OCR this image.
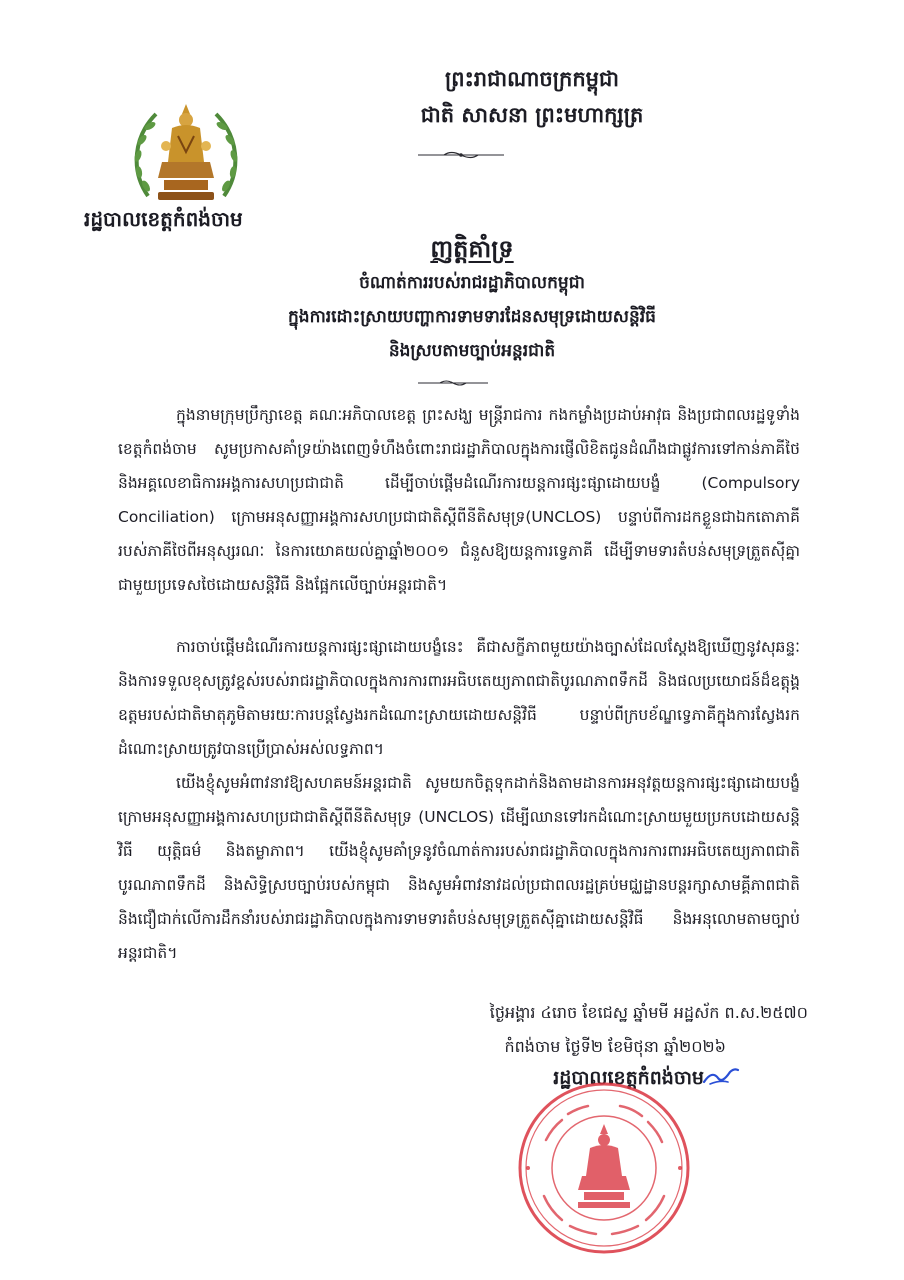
ព្រះរាជាណាចក្រកម្ពុជា
ជាតិ សាសនា ព្រះមហាក្សត្រ
រដ្ឋបាលខេត្តកំពង់ចាម
ញត្តិគាំទ្រ
ចំណាត់ការរបស់រាជរដ្ឋាភិបាលកម្ពុជា
ក្នុងការដោះស្រាយបញ្ហាការទាមទារដែនសមុទ្រដោយសន្តិវិធី
និងស្របតាមច្បាប់អន្តរជាតិ

ក្នុងនាមក្រុមប្រឹក្សាខេត្ត គណៈអភិបាលខេត្ត ព្រះសង្ឃ មន្ត្រីរាជការ កងកម្លាំងប្រដាប់អាវុធ និងប្រជាពលរដ្ឋទូទាំងខេត្តកំពង់ចាម សូមប្រកាសគាំទ្រយ៉ាងពេញទំហឹងចំពោះរាជរដ្ឋាភិបាលក្នុងការផ្ញើលិខិតជូនដំណឹងជាផ្លូវការទៅកាន់ភាគីថៃ និងអគ្គលេខាធិការអង្គការសហប្រជាជាតិ ដើម្បីចាប់ផ្តើមដំណើរការយន្តការផ្សះផ្សាដោយបង្ខំ (Compulsory Conciliation) ក្រោមអនុសញ្ញាអង្គការសហប្រជាជាតិស្តីពីនីតិសមុទ្រ(UNCLOS) បន្ទាប់ពីការដកខ្លួនជាឯកតោភាគីរបស់ភាគីថៃពីអនុស្សរណៈ នៃការយោគយល់គ្នាឆ្នាំ២០០១ ជំនួសឱ្យយន្តការទ្វេភាគី ដើម្បីទាមទារតំបន់សមុទ្រត្រួតស៊ីគ្នាជាមួយប្រទេសថៃដោយសន្តិវិធី និងផ្អែកលើច្បាប់អន្តរជាតិ។

ការចាប់ផ្តើមដំណើរការយន្តការផ្សះផ្សាដោយបង្ខំនេះ គឺជាសក្ខីភាពមួយយ៉ាងច្បាស់ដែលស្តែងឱ្យឃើញនូវសុឆន្ទៈ និងការទទួលខុសត្រូវខ្ពស់របស់រាជរដ្ឋាភិបាលក្នុងការការពារអធិបតេយ្យភាពជាតិបូរណភាពទឹកដី និងផលប្រយោជន៍ដ៏ឧត្តុង្គឧត្តមរបស់ជាតិមាតុភូមិតាមរយៈការបន្តស្វែងរកដំណោះស្រាយដោយសន្តិវិធី បន្ទាប់ពីក្របខ័ណ្ឌទ្វេភាគីក្នុងការស្វែងរកដំណោះស្រាយត្រូវបានប្រើប្រាស់អស់លទ្ធភាព។

យើងខ្ញុំសូមអំពាវនាវឱ្យសហគមន៍អន្តរជាតិ សូមយកចិត្តទុកដាក់និងតាមដានការអនុវត្តយន្តការផ្សះផ្សាដោយបង្ខំក្រោមអនុសញ្ញាអង្គការសហប្រជាជាតិស្តីពីនីតិសមុទ្រ (UNCLOS) ដើម្បីឈានទៅរកដំណោះស្រាយមួយប្រកបដោយសន្តិវិធី យុត្តិធម៌ និងតម្លាភាព។ យើងខ្ញុំសូមគាំទ្រនូវចំណាត់ការរបស់រាជរដ្ឋាភិបាលក្នុងការការពារអធិបតេយ្យភាពជាតិ បូរណភាពទឹកដី និងសិទ្ធិស្របច្បាប់របស់កម្ពុជា និងសូមអំពាវនាវដល់ប្រជាពលរដ្ឋគ្រប់មជ្ឈដ្ឋានបន្តរក្សាសាមគ្គីភាពជាតិនិងជឿជាក់លើការដឹកនាំរបស់រាជរដ្ឋាភិបាលក្នុងការទាមទារតំបន់សមុទ្រត្រួតស៊ីគ្នាដោយសន្តិវិធី និងអនុលោមតាមច្បាប់អន្តរជាតិ។

ថ្ងៃអង្គារ ៤រោច ខែជេស្ឋ ឆ្នាំមមី អដ្ឋស័ក ព.ស.២៥៧០
កំពង់ចាម ថ្ងៃទី២ ខែមិថុនា ឆ្នាំ២០២៦
រដ្ឋបាលខេត្តកំពង់ចាម
